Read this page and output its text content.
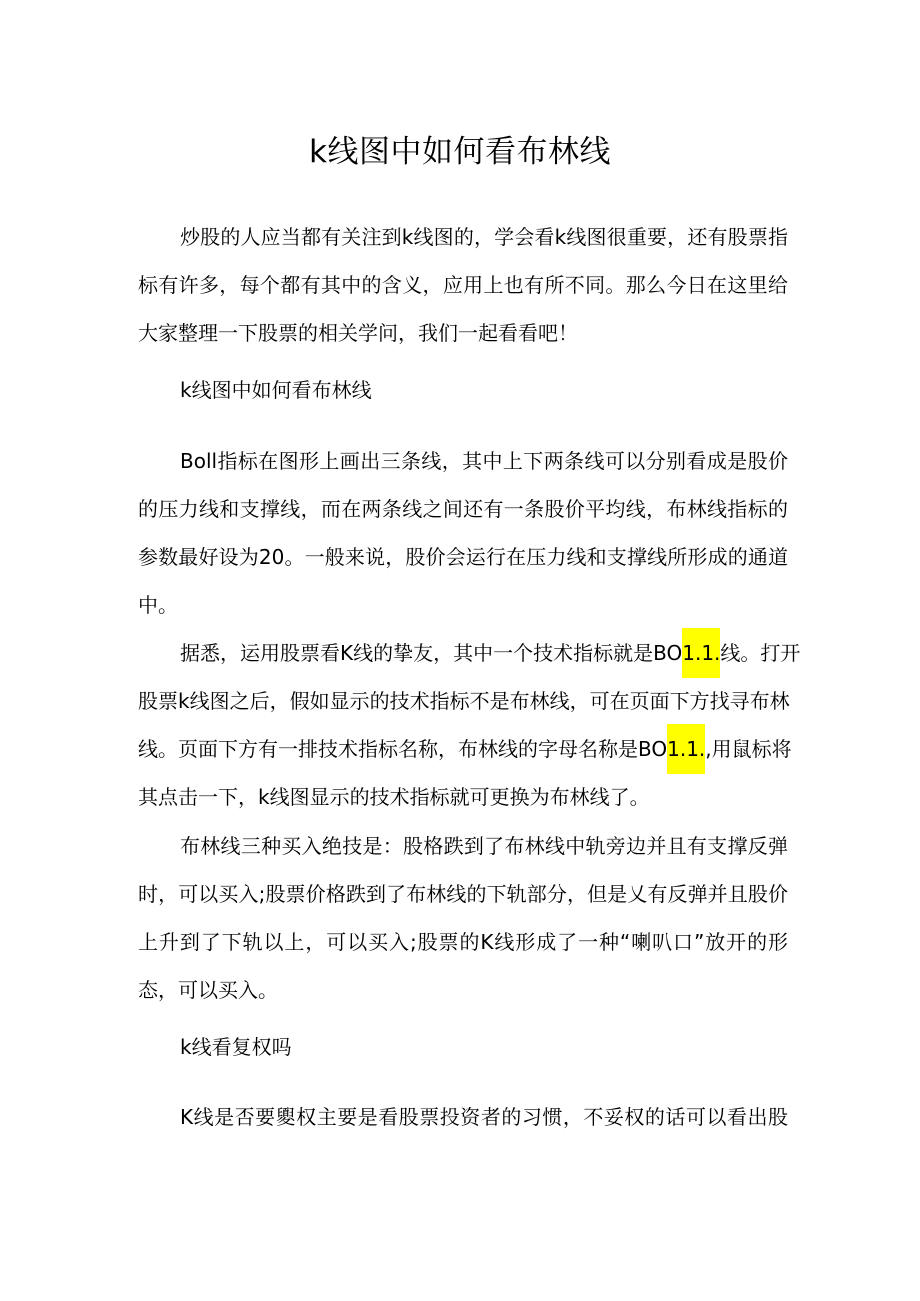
k线图中如何看布林线
炒股的人应当都有关注到k线图的，学会看k线图很重要，还有股票指
标有许多，每个都有其中的含义，应用上也有所不同。那么今日在这里给
大家整理一下股票的相关学问，我们一起看看吧！
k线图中如何看布林线
Boll指标在图形上画出三条线，其中上下两条线可以分别看成是股价
的压力线和支撑线，而在两条线之间还有一条股价平均线，布林线指标的
参数最好设为20。一般来说，股价会运行在压力线和支撑线所形成的通道
中。
据悉，运用股票看K线的挚友，其中一个技术指标就是BO1.1.线。打开
股票k线图之后，假如显示的技术指标不是布林线，可在页面下方找寻布林
线。页面下方有一排技术指标名称，布林线的字母名称是BO1.1.,用鼠标将
其点击一下，k线图显示的技术指标就可更换为布林线了。
布林线三种买入绝技是：股格跌到了布林线中轨旁边并且有支撑反弹
时，可以买入;股票价格跌到了布林线的下轨部分，但是乂有反弹并且股价
上升到了下轨以上，可以买入;股票的K线形成了一种“喇叭口”放开的形
态，可以买入。
k线看复权吗
K线是否要夓权主要是看股票投资者的习惯，不妥权的话可以看出股
